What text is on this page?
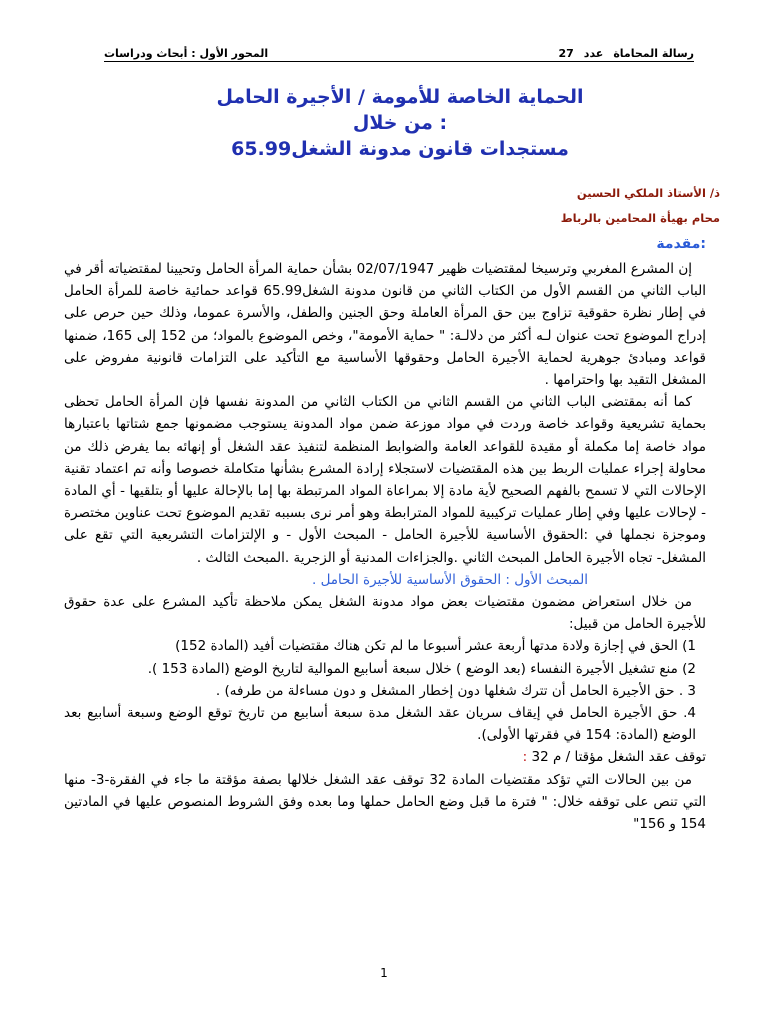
رسالة المحاماة
عدد
27
المحور الأول : أبحاث ودراسات
الحماية الخاصة للأمومة / الأجيرة الحامل
: من خلال
مستجدات قانون مدونة الشغل65.99
ذ/ الأستاذ الملكي الحسين
محام بهيأة المحامين بالرباط
:مقدمة

إن المشرع المغربي وترسيخا لمقتضيات ظهير 02/07/1947 بشأن حماية المرأة الحامل وتحيينا لمقتضياته أقر في الباب الثاني من القسم الأول من الكتاب الثاني من قانون مدونة الشغل65.99 قواعد حمائية خاصة للمرأة الحامل في إطار نظرة حقوقية تزاوج بين حق المرأة العاملة وحق الجنين والطفل، والأسرة عموما، وذلك حين حرص على إدراج الموضوع تحت عنوان لـه أكثر من دلالـة: " حماية الأمومة"، وخص الموضوع بالمواد؛ من 152 إلى 165، ضمنها قواعد ومبادئ جوهرية لحماية الأجيرة الحامل وحقوقها الأساسية مع التأكيد على التزامات قانونية مفروض على المشغل التقيد بها واحترامها .

كما أنه بمقتضى الباب الثاني من القسم الثاني من الكتاب الثاني من المدونة نفسها فإن المرأة الحامل تحظى بحماية تشريعية وقواعد خاصة وردت في مواد موزعة ضمن مواد المدونة يستوجب مضمونها جمع شتاتها باعتبارها مواد خاصة إما مكملة أو مقيدة للقواعد العامة والضوابط المنظمة لتنفيذ عقد الشغل أو إنهائه بما يفرض ذلك من محاولة إجراء عمليات الربط بين هذه المقتضيات لاستجلاء إرادة المشرع بشأنها متكاملة خصوصا وأنه تم اعتماد تقنية الإحالات التي لا تسمح بالفهم الصحيح لأية مادة إلا بمراعاة المواد المرتبطة بها إما بالإحالة عليها أو بتلقيها - أي المادة - لإحالات عليها وفي إطار عمليات تركيبية للمواد المترابطة وهو أمر نرى بسببه تقديم الموضوع تحت عناوين مختصرة وموجزة نجملها في :الحقوق الأساسية للأجيرة الحامل - المبحث الأول - و الإلتزامات التشريعية التي تقع على المشغل- تجاه الأجيرة الحامل المبحث الثاني .والجزاءات المدنية أو الزجرية .المبحث الثالث .

المبحث الأول : الحقوق الأساسية للأجيرة الحامل .

من خلال استعراض مضمون مقتضيات بعض مواد مدونة الشغل يمكن ملاحظة تأكيد المشرع على عدة حقوق للأجيرة الحامل من قبيل:

1) الحق في إجازة ولادة مدتها أربعة عشر أسبوعا ما لم تكن هناك مقتضيات أفيد (المادة 152)

2) منع تشغيل الأجيرة النفساء (بعد الوضع ) خلال سبعة أسابيع الموالية لتاريخ الوضع (المادة 153 ).

3 . حق الأجيرة الحامل أن تترك شغلها دون إخطار المشغل و دون مساءلة من طرفه) .

4. حق الأجيرة الحامل في إيقاف سريان عقد الشغل مدة سبعة أسابيع من تاريخ توقع الوضع وسبعة أسابيع بعد الوضع (المادة: 154 في فقرتها الأولى).

توقف عقد الشغل مؤقتا / م 32 :

من بين الحالات التي تؤكد مقتضيات المادة 32 توقف عقد الشغل خلالها بصفة مؤقتة ما جاء في الفقرة-3- منها التي تنص على توقفه خلال: " فترة ما قبل وضع الحامل حملها وما بعده وفق الشروط المنصوص عليها في المادتين 154 و 156"

1
